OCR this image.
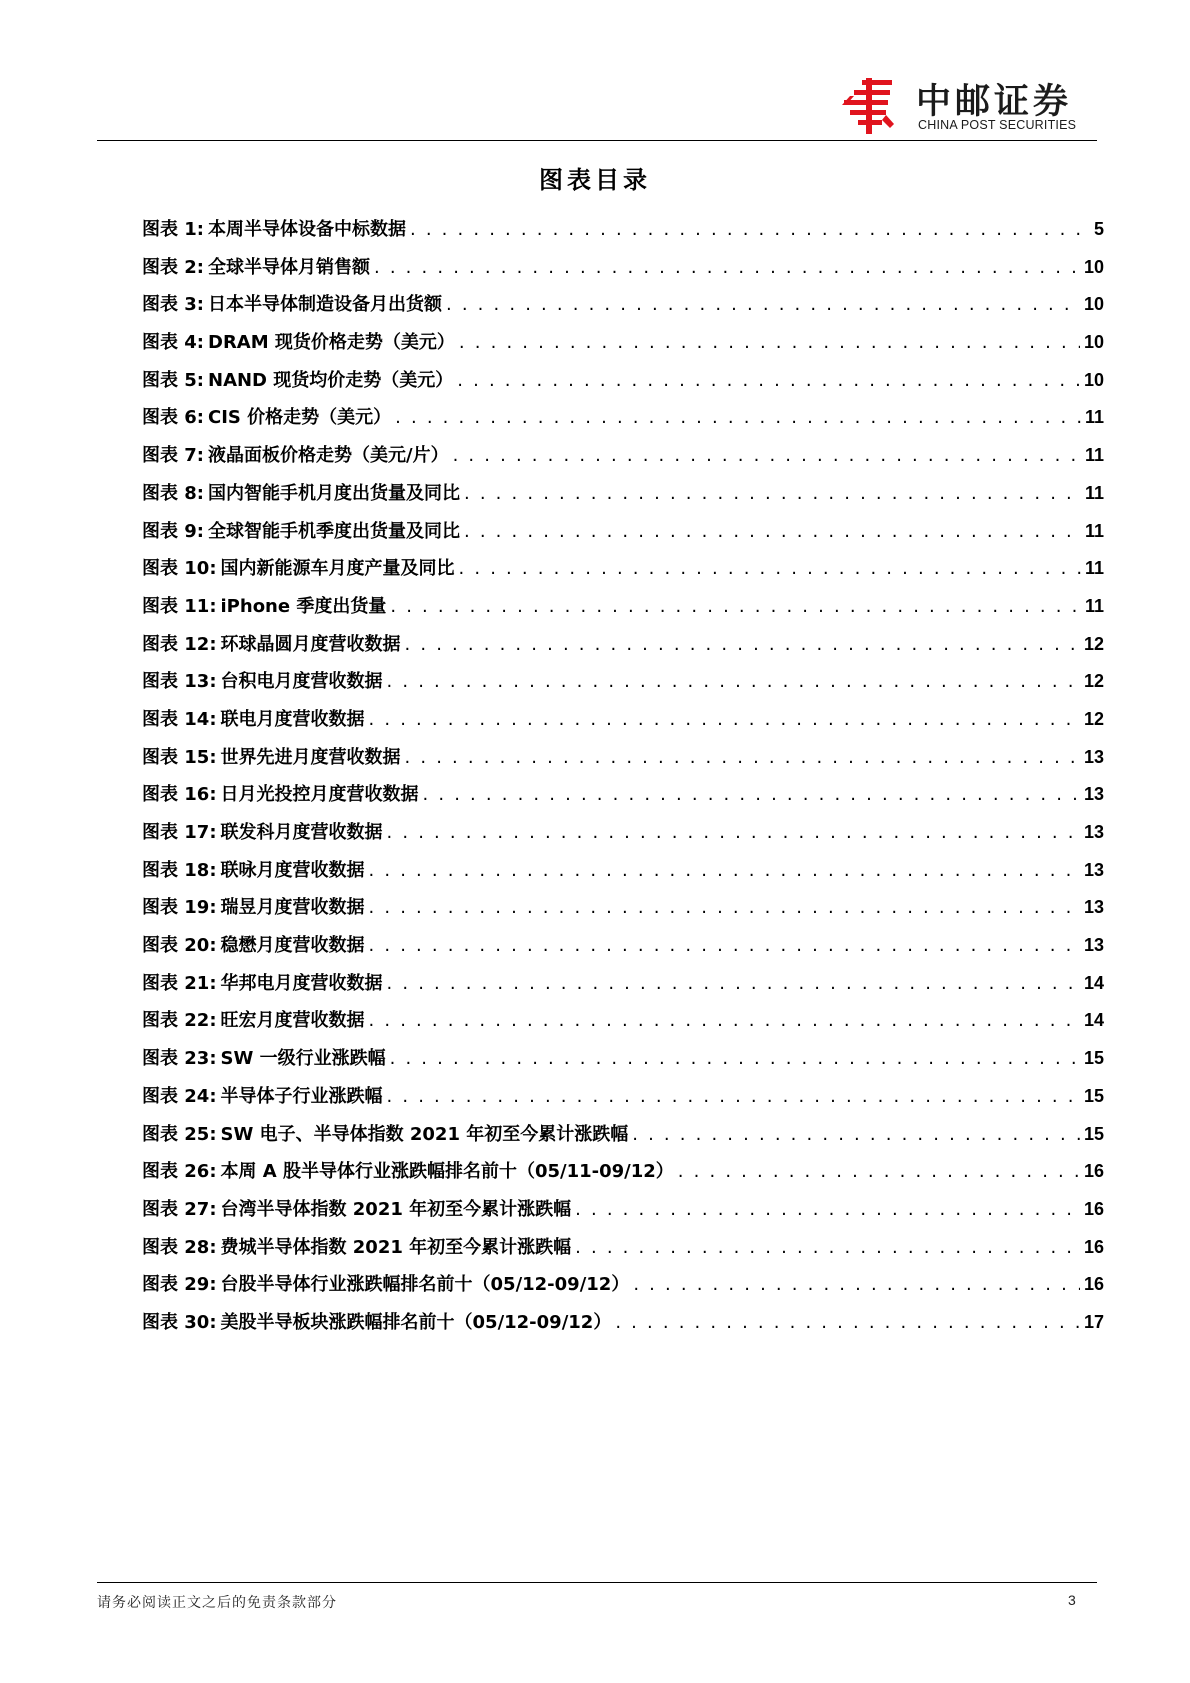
中邮证券
CHINA POST SECURITIES
图表目录
图表 1: 本周半导体设备中标数据 . . .	5
图表 2: 全球半导体月销售额 . . .	10
图表 3: 日本半导体制造设备月出货额 . . .	10
图表 4: DRAM 现货价格走势（美元） . . .	10
图表 5: NAND 现货均价走势（美元） . . .	10
图表 6: CIS 价格走势（美元） . . .	11
图表 7: 液晶面板价格走势（美元/片） . . .	11
图表 8: 国内智能手机月度出货量及同比 . . .	11
图表 9: 全球智能手机季度出货量及同比 . . .	11
图表 10: 国内新能源车月度产量及同比 . . .	11
图表 11: iPhone 季度出货量 . . .	11
图表 12: 环球晶圆月度营收数据 . . .	12
图表 13: 台积电月度营收数据 . . .	12
图表 14: 联电月度营收数据 . . .	12
图表 15: 世界先进月度营收数据 . . .	13
图表 16: 日月光投控月度营收数据 . . .	13
图表 17: 联发科月度营收数据 . . .	13
图表 18: 联咏月度营收数据 . . .	13
图表 19: 瑞昱月度营收数据 . . .	13
图表 20: 稳懋月度营收数据 . . .	13
图表 21: 华邦电月度营收数据 . . .	14
图表 22: 旺宏月度营收数据 . . .	14
图表 23: SW 一级行业涨跌幅 . . .	15
图表 24: 半导体子行业涨跌幅 . . .	15
图表 25: SW 电子、半导体指数 2021 年初至今累计涨跌幅 . . .	15
图表 26: 本周 A 股半导体行业涨跌幅排名前十（05/11-09/12） . . .	16
图表 27: 台湾半导体指数 2021 年初至今累计涨跌幅 . . .	16
图表 28: 费城半导体指数 2021 年初至今累计涨跌幅 . . .	16
图表 29: 台股半导体行业涨跌幅排名前十（05/12-09/12） . . .	16
图表 30: 美股半导板块涨跌幅排名前十（05/12-09/12） . . .	17
请务必阅读正文之后的免责条款部分	3
